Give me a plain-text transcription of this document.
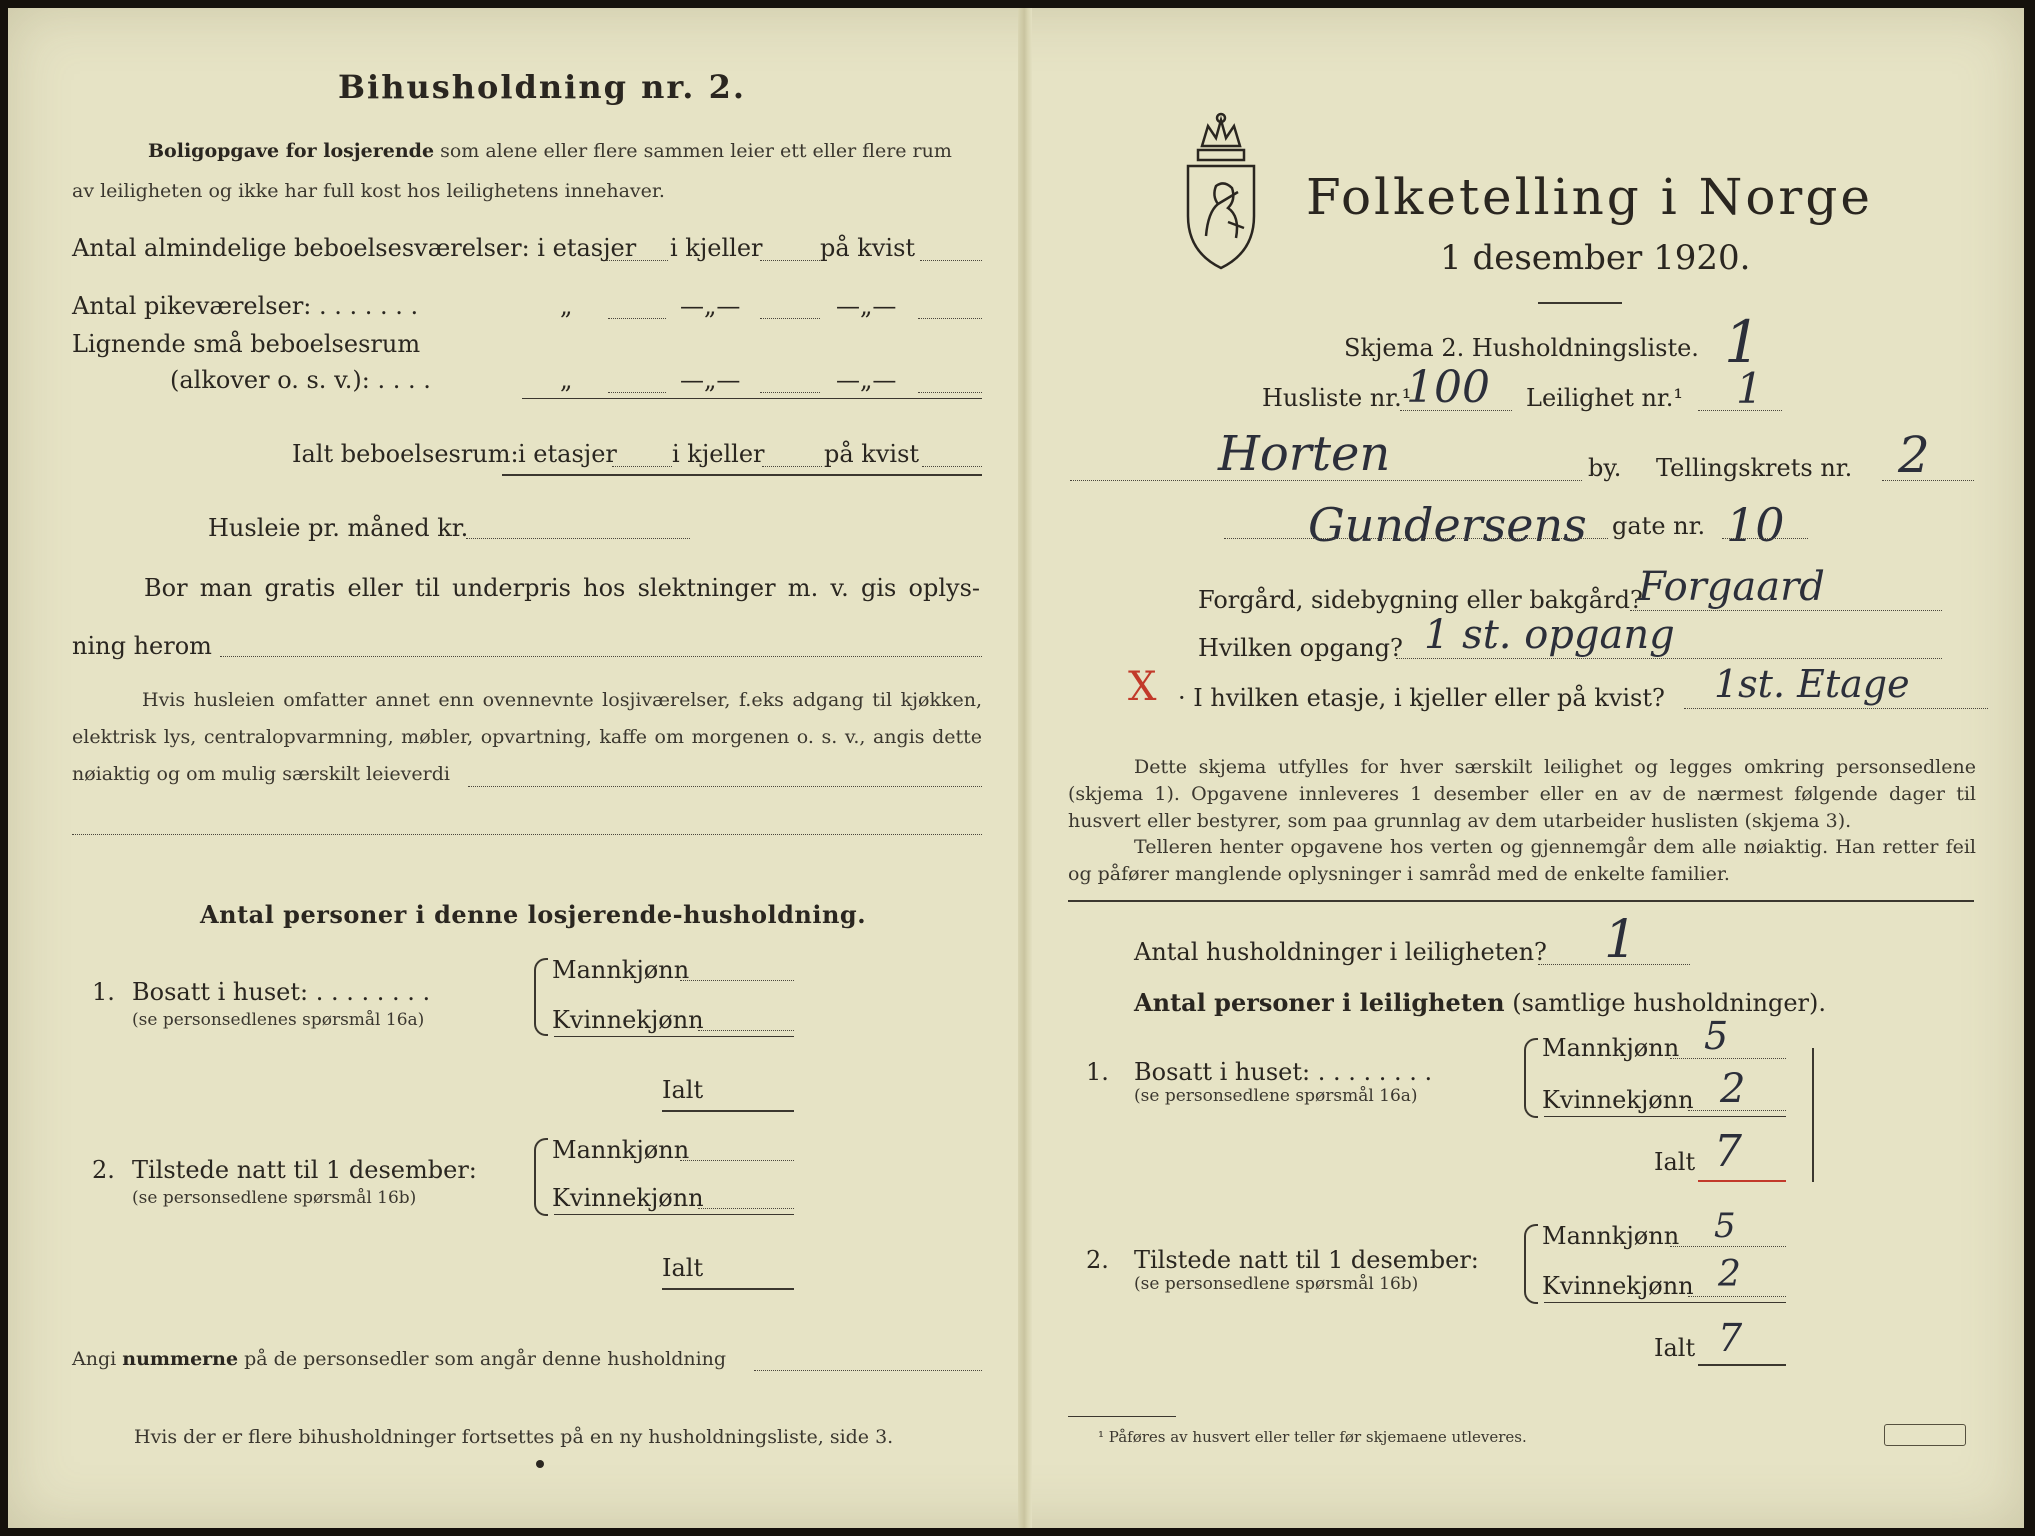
Bihusholdning nr. 2.
Boligopgave for losjerende som alene eller flere sammen leier ett eller flere rum
av leiligheten og ikke har full kost hos leilighetens innehaver.
Antal almindelige beboelsesværelser: i etasjer i kjeller på kvist
Antal pikeværelser: . . . . . . .	„	—„—	—„—
Lignende små beboelsesrum
(alkover o. s. v.): . . . .	„	—„—	—„—
Ialt beboelsesrum: i etasjer i kjeller på kvist
Husleie pr. måned kr.
Bor man gratis eller til underpris hos slektninger m. v. gis oplys-
ning herom
Hvis husleien omfatter annet enn ovennevnte losjiværelser, f.eks adgang til kjøkken, elektrisk lys, centralopvarmning, møbler, opvartning, kaffe om morgenen o. s. v., angis dette nøiaktig og om mulig særskilt leieverdi
Antal personer i denne losjerende-husholdning.
1. Bosatt i huset: . . . . . . . .
(se personsedlenes spørsmål 16a)
Mannkjønn
Kvinnekjønn
Ialt
2. Tilstede natt til 1 desember:
(se personsedlene spørsmål 16b)
Mannkjønn
Kvinnekjønn
Ialt
Angi nummerne på de personsedler som angår denne husholdning
Hvis der er flere bihusholdninger fortsettes på en ny husholdningsliste, side 3.
Folketelling i Norge
1 desember 1920.
Skjema 2. Husholdningsliste. 1
Husliste nr.¹
100 Leilighet nr.¹ 1
Horten	by. Tellingskrets nr. 2
Gundersens gate nr. 10
Forgård, sidebygning eller bakgård?
Forgaard
Hvilken opgang? 1 st. opgang
X · I hvilken etasje, i kjeller eller på kvist? 1st. Etage
Dette skjema utfylles for hver særskilt leilighet og legges omkring personsedlene (skjema 1). Opgavene innleveres 1 desember eller en av de nærmest følgende dager til husvert eller bestyrer, som paa grunnlag av dem utarbeider huslisten (skjema 3).
Telleren henter opgavene hos verten og gjennemgår dem alle nøiaktig. Han retter feil og påfører manglende oplysninger i samråd med de enkelte familier.
Antal husholdninger i leiligheten? 1
Antal personer i leiligheten (samtlige husholdninger).
1. Bosatt i huset: . . . . . . . .
(se personsedlene spørsmål 16a)
Mannkjønn 5
Kvinnekjønn 2
Ialt 7
2. Tilstede natt til 1 desember:
(se personsedlene spørsmål 16b)
Mannkjønn 5
Kvinnekjønn 2
Ialt 7
¹ Påføres av husvert eller teller før skjemaene utleveres.
